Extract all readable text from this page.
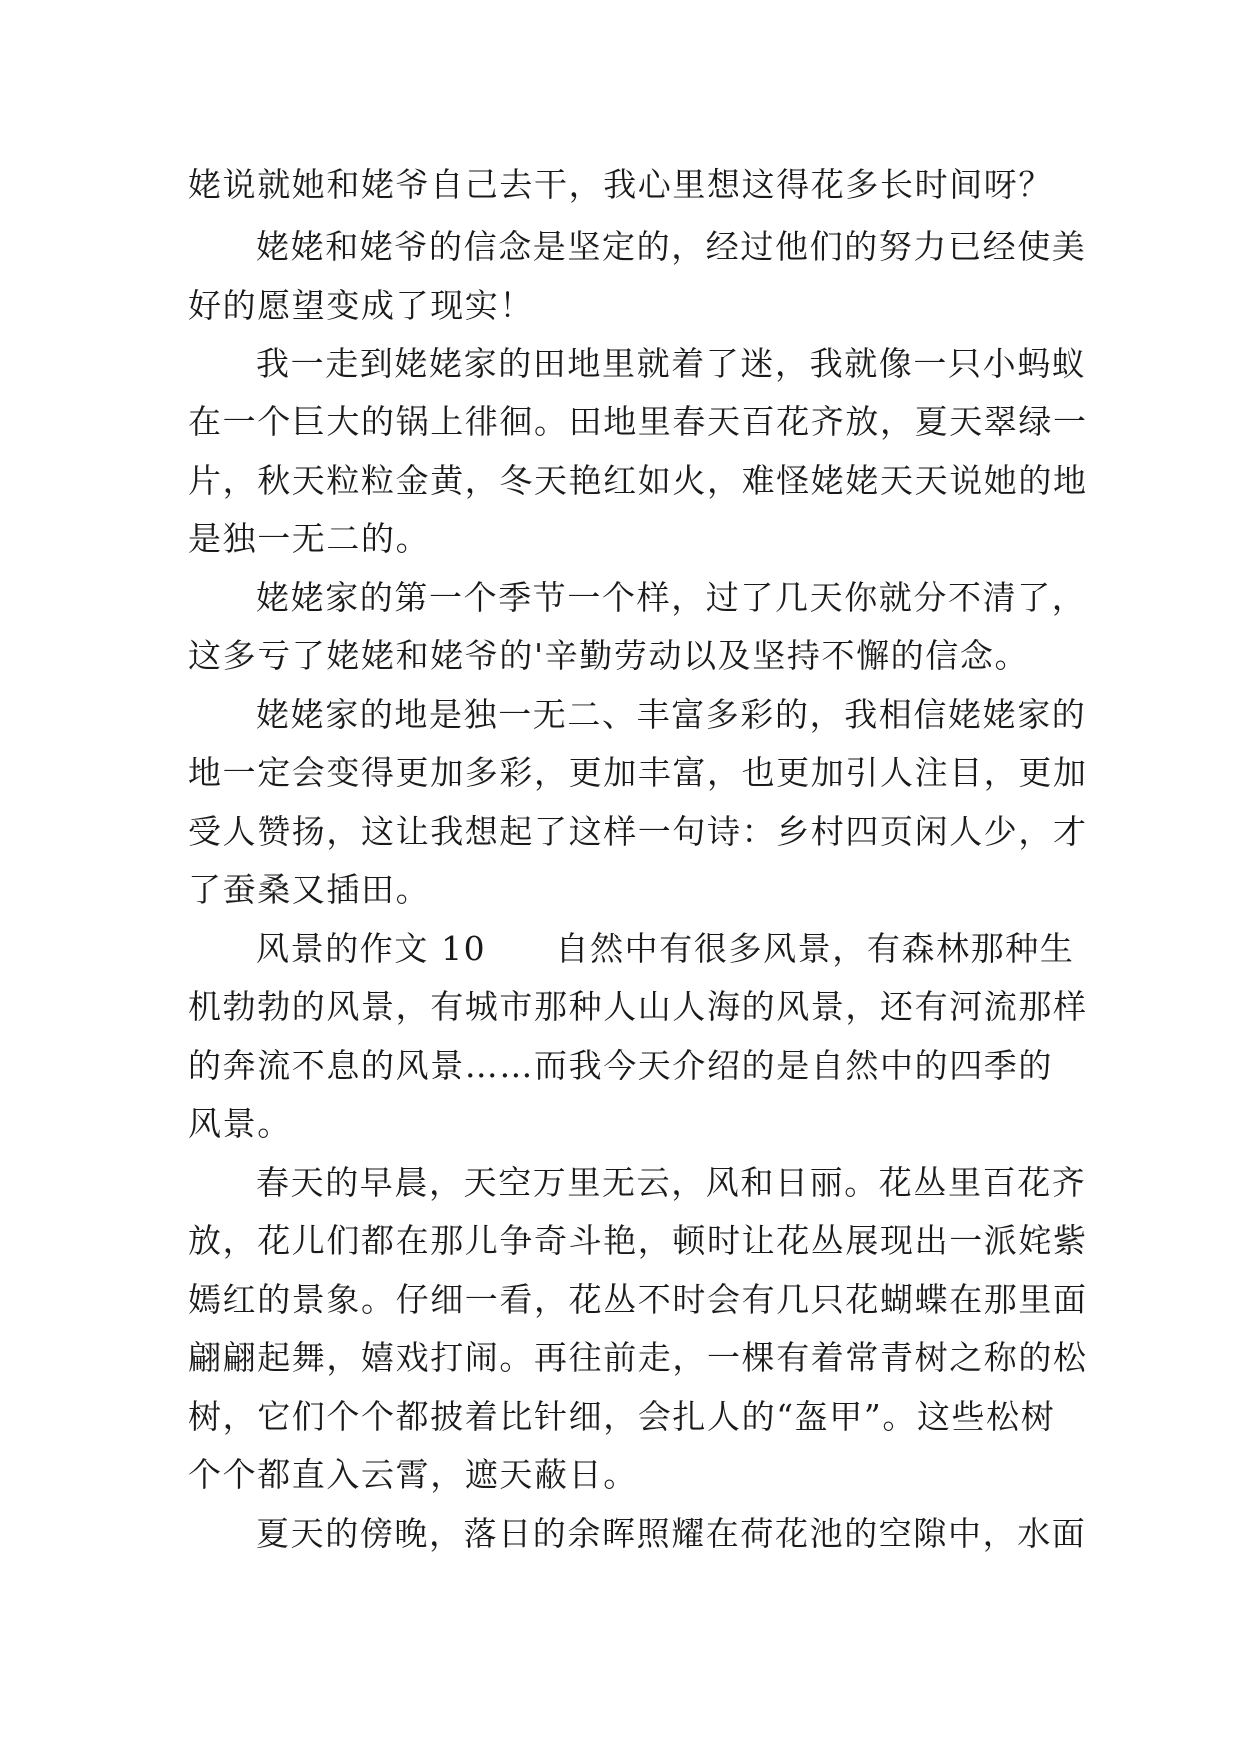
姥说就她和姥爷自己去干，我心里想这得花多长时间呀？
姥姥和姥爷的信念是坚定的，经过他们的努力已经使美
好的愿望变成了现实！
我一走到姥姥家的田地里就着了迷，我就像一只小蚂蚁
在一个巨大的锅上徘徊。田地里春天百花齐放，夏天翠绿一
片，秋天粒粒金黄，冬天艳红如火，难怪姥姥天天说她的地
是独一无二的。
姥姥家的第一个季节一个样，过了几天你就分不清了，
这多亏了姥姥和姥爷的'辛勤劳动以及坚持不懈的信念。
姥姥家的地是独一无二、丰富多彩的，我相信姥姥家的
地一定会变得更加多彩，更加丰富，也更加引人注目，更加
受人赞扬，这让我想起了这样一句诗：乡村四页闲人少，才
了蚕桑又插田。
风景的作文 10　　自然中有很多风景，有森林那种生
机勃勃的风景，有城市那种人山人海的风景，还有河流那样
的奔流不息的风景……而我今天介绍的是自然中的四季的
风景。
春天的早晨，天空万里无云，风和日丽。花丛里百花齐
放，花儿们都在那儿争奇斗艳，顿时让花丛展现出一派姹紫
嫣红的景象。仔细一看，花丛不时会有几只花蝴蝶在那里面
翩翩起舞，嬉戏打闹。再往前走，一棵有着常青树之称的松
树，它们个个都披着比针细，会扎人的“盔甲”。这些松树
个个都直入云霄，遮天蔽日。
夏天的傍晚，落日的余晖照耀在荷花池的空隙中，水面
